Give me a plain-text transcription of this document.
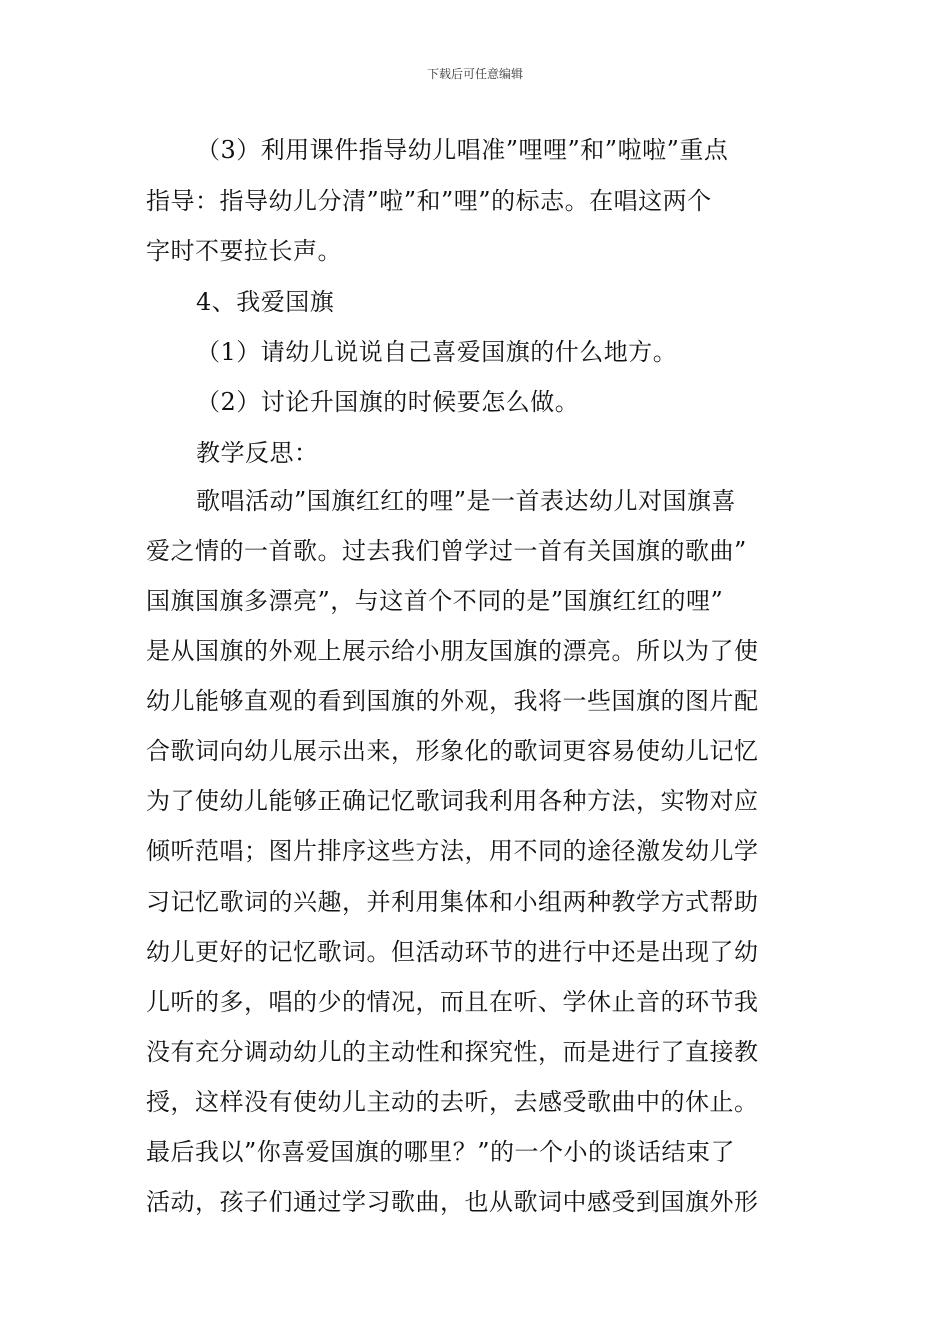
下载后可任意编辑
（3）利用课件指导幼儿唱准”哩哩”和”啦啦”重点
指导：指导幼儿分清”啦”和”哩”的标志。在唱这两个
字时不要拉长声。
4、我爱国旗
（1）请幼儿说说自己喜爱国旗的什么地方。
（2）讨论升国旗的时候要怎么做。
教学反思：
歌唱活动”国旗红红的哩”是一首表达幼儿对国旗喜
爱之情的一首歌。过去我们曾学过一首有关国旗的歌曲”
国旗国旗多漂亮”，与这首个不同的是”国旗红红的哩”
是从国旗的外观上展示给小朋友国旗的漂亮。所以为了使
幼儿能够直观的看到国旗的外观，我将一些国旗的图片配
合歌词向幼儿展示出来，形象化的歌词更容易使幼儿记忆
为了使幼儿能够正确记忆歌词我利用各种方法，实物对应
倾听范唱；图片排序这些方法，用不同的途径激发幼儿学
习记忆歌词的兴趣，并利用集体和小组两种教学方式帮助
幼儿更好的记忆歌词。但活动环节的进行中还是出现了幼
儿听的多，唱的少的情况，而且在听、学休止音的环节我
没有充分调动幼儿的主动性和探究性，而是进行了直接教
授，这样没有使幼儿主动的去听，去感受歌曲中的休止。
最后我以”你喜爱国旗的哪里？”的一个小的谈话结束了
活动，孩子们通过学习歌曲，也从歌词中感受到国旗外形
